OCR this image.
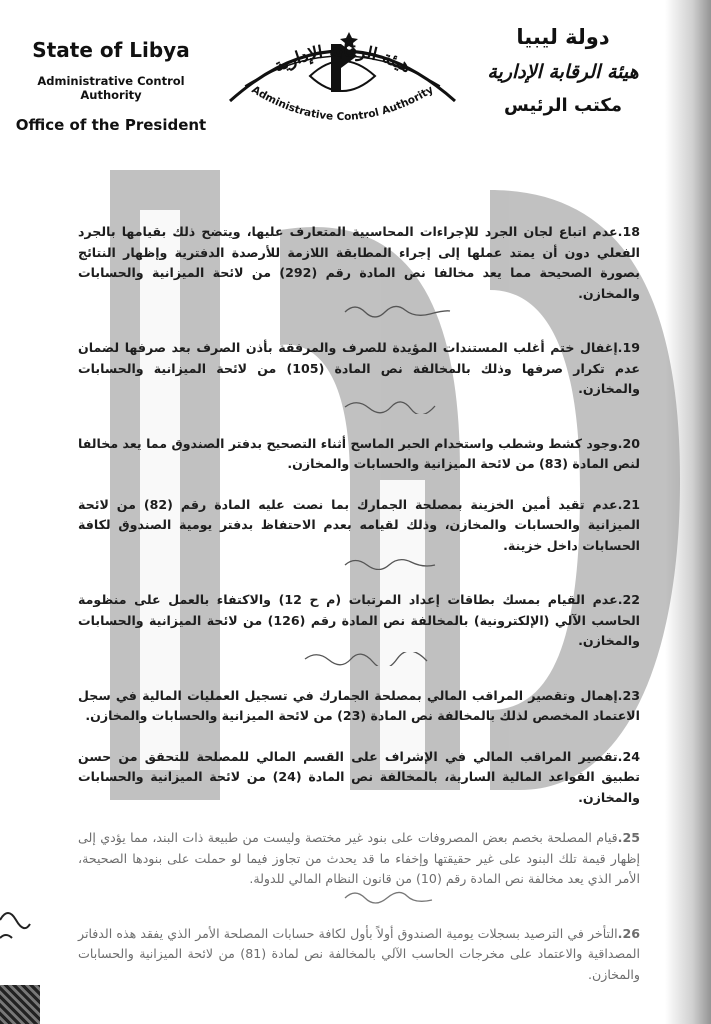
State of Libya
Administrative Control Authority
Office of the President
هيئة الرقابة الإدارية
Administrative Control Authority
دولة ليبيا
هيئة الرقابة الإدارية
مكتب الرئيس
18.عدم اتباع لجان الجرد للإجراءات المحاسبية المتعارف عليها، ويتضح ذلك بقيامها بالجرد الفعلي دون أن يمتد عملها إلى إجراء المطابقة اللازمة للأرصدة الدفترية وإظهار النتائج بصورة الصحيحة مما يعد مخالفا نص المادة رقم (292) من لائحة الميزانية والحسابات والمخازن.
19.إغفال ختم أغلب المستندات المؤيدة للصرف والمرفقة بأذن الصرف بعد صرفها لضمان عدم تكرار صرفها وذلك بالمخالفة نص المادة (105) من لائحة الميزانية والحسابات والمخازن.
20.وجود كشط وشطب واستخدام الحبر الماسح أثناء التصحيح بدفتر الصندوق مما يعد مخالفا لنص المادة (83) من لائحة الميزانية والحسابات والمخازن.
21.عدم تقيد أمين الخزينة بمصلحة الجمارك بما نصت عليه المادة رقم (82) من لائحة الميزانية والحسابات والمخازن، وذلك لقيامه بعدم الاحتفاظ بدفتر يومية الصندوق لكافة الحسابات داخل خزينة.
22.عدم القيام بمسك بطاقات إعداد المرتبات (م ح 12) والاكتفاء بالعمل على منظومة الحاسب الآلي (الإلكترونية) بالمخالفة نص المادة رقم (126) من لائحة الميزانية والحسابات والمخازن.
23.إهمال وتقصير المراقب المالي بمصلحة الجمارك في تسجيل العمليات المالية في سجل الاعتماد المخصص لذلك بالمخالفة نص المادة (23) من لائحة الميزانية والحسابات والمخازن.
24.تقصير المراقب المالي في الإشراف على القسم المالي للمصلحة للتحقق من حسن تطبيق القواعد المالية السارية، بالمخالفة نص المادة (24) من لائحة الميزانية والحسابات والمخازن.
25.قيام المصلحة بخصم بعض المصروفات على بنود غير مختصة وليست من طبيعة ذات البند، مما يؤدي إلى إظهار قيمة تلك البنود على غير حقيقتها وإخفاء ما قد يحدث من تجاوز فيما لو حملت على بنودها الصحيحة، الأمر الذي يعد مخالفة نص المادة رقم (10) من قانون النظام المالي للدولة.
26.التأخر في الترصيد بسجلات يومية الصندوق أولاً بأول لكافة حسابات المصلحة الأمر الذي يفقد هذه الدفاتر المصداقية والاعتماد على مخرجات الحاسب الآلي بالمخالفة نص لمادة (81) من لائحة الميزانية والحسابات والمخازن.
